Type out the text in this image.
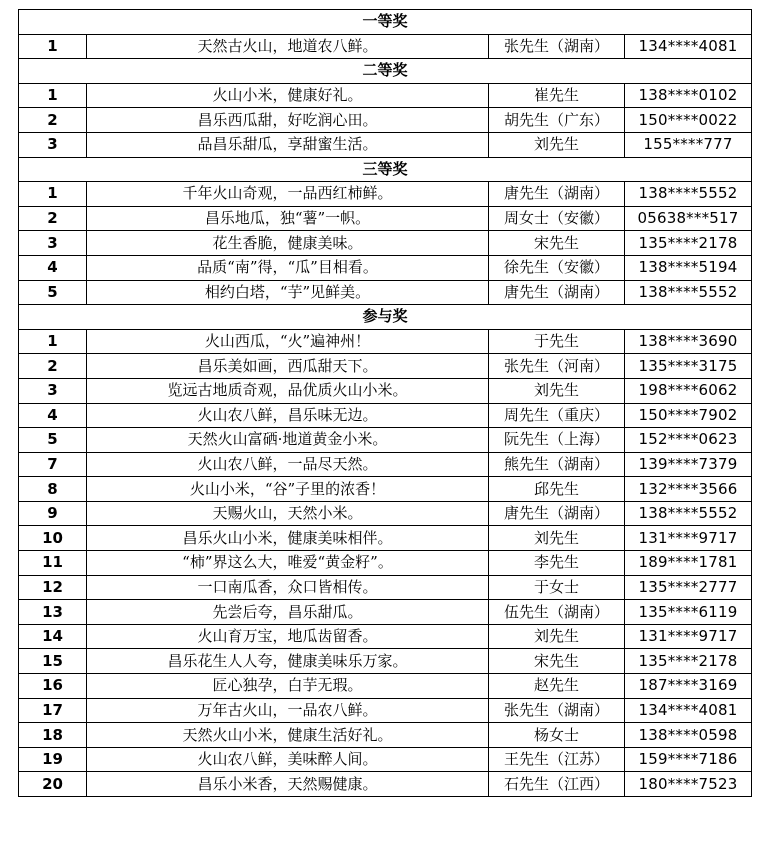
一等奖			
1	天然古火山，地道农八鲜。	张先生（湖南）	134****4081
二等奖			
1	火山小米，健康好礼。	崔先生	138****0102
2	昌乐西瓜甜，好吃润心田。	胡先生（广东）	150****0022
3	品昌乐甜瓜，享甜蜜生活。	刘先生	155****777
三等奖			
1	千年火山奇观，一品西红柿鲜。	唐先生（湖南）	138****5552
2	昌乐地瓜，独“薯”一帜。	周女士（安徽）	05638***517
3	花生香脆，健康美味。	宋先生	135****2178
4	品质“南”得，“瓜”目相看。	徐先生（安徽）	138****5194
5	相约白塔，“芋”见鲜美。	唐先生（湖南）	138****5552
参与奖			
1	火山西瓜，“火”遍神州！	于先生	138****3690
2	昌乐美如画，西瓜甜天下。	张先生（河南）	135****3175
3	览远古地质奇观，品优质火山小米。	刘先生	198****6062
4	火山农八鲜，昌乐味无边。	周先生（重庆）	150****7902
5	天然火山富硒·地道黄金小米。	阮先生（上海）	152****0623
7	火山农八鲜，一品尽天然。	熊先生（湖南）	139****7379
8	火山小米，“谷”子里的浓香！	邱先生	132****3566
9	天赐火山，天然小米。	唐先生（湖南）	138****5552
10	昌乐火山小米，健康美味相伴。	刘先生	131****9717
11	“柿”界这么大，唯爱“黄金籽”。	李先生	189****1781
12	一口南瓜香，众口皆相传。	于女士	135****2777
13	先尝后夸，昌乐甜瓜。	伍先生（湖南）	135****6119
14	火山育万宝，地瓜齿留香。	刘先生	131****9717
15	昌乐花生人人夸，健康美味乐万家。	宋先生	135****2178
16	匠心独孕，白芋无瑕。	赵先生	187****3169
17	万年古火山，一品农八鲜。	张先生（湖南）	134****4081
18	天然火山小米，健康生活好礼。	杨女士	138****0598
19	火山农八鲜，美味醉人间。	王先生（江苏）	159****7186
20	昌乐小米香，天然赐健康。	石先生（江西）	180****7523
